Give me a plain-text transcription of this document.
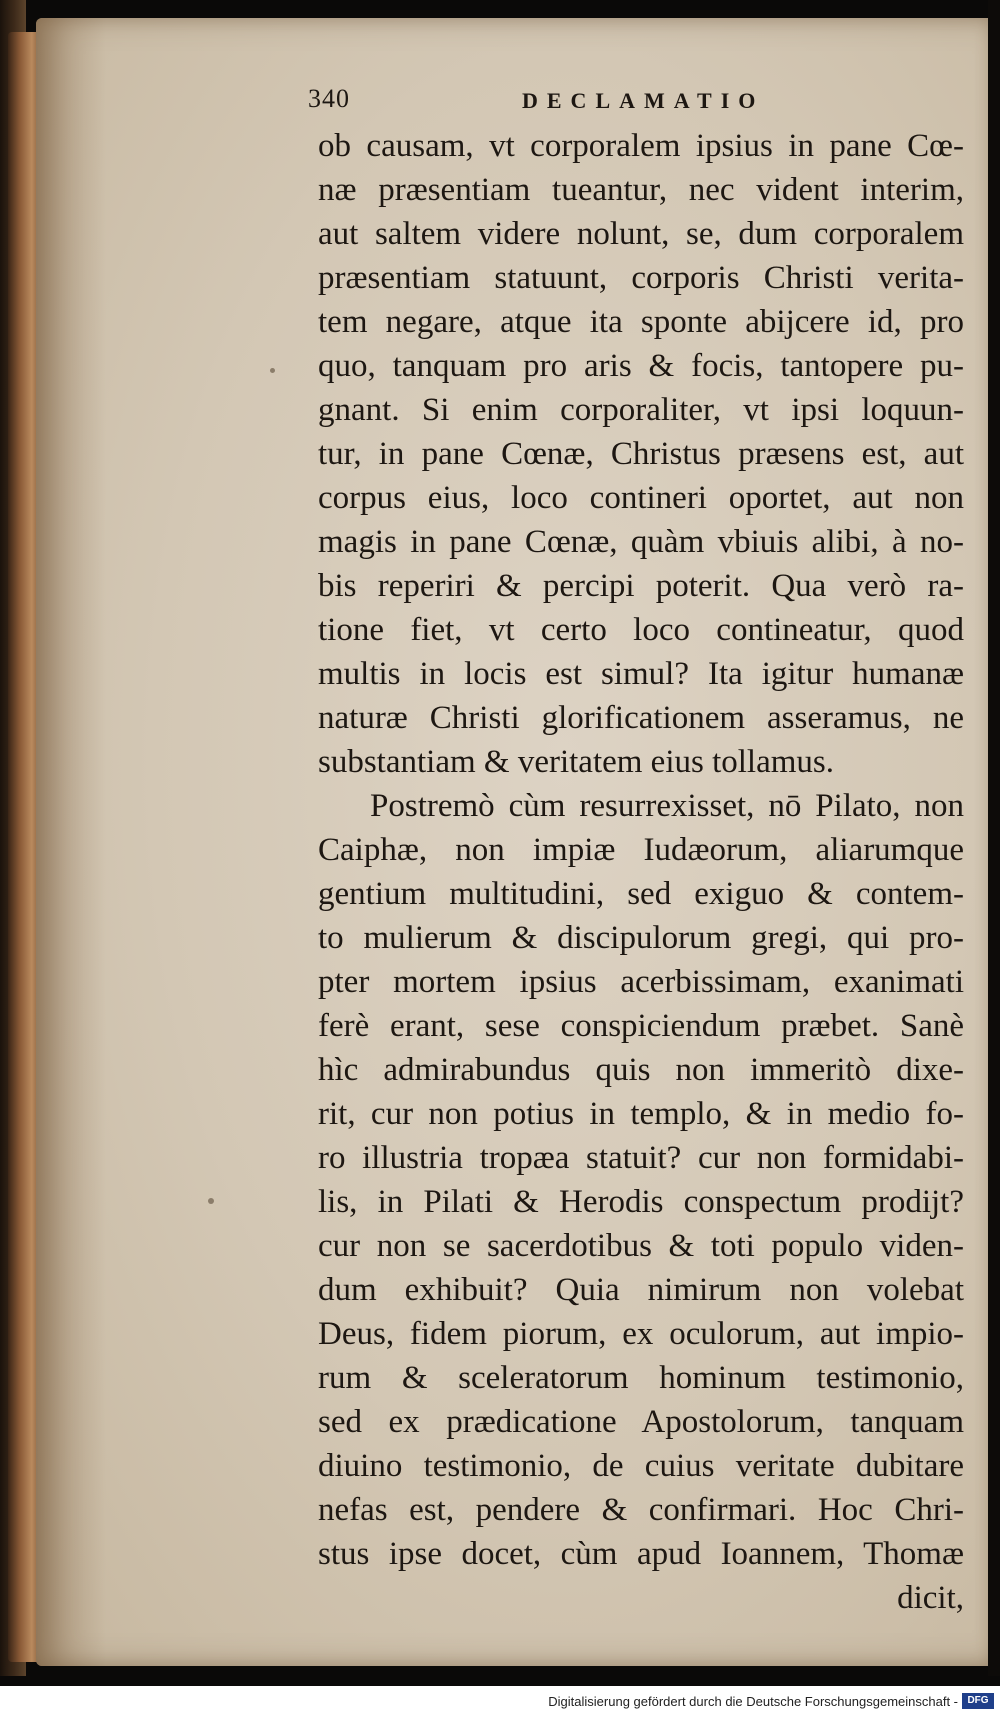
340	DECLAMATIO
ob causam, vt corporalem ipsius in pane Cœ-
næ præsentiam tueantur, nec vident interim,
aut saltem videre nolunt, se, dum corporalem
præsentiam statuunt, corporis Christi verita-
tem negare, atque ita sponte abijcere id, pro
quo, tanquam pro aris & focis, tantopere pu-
gnant. Si enim corporaliter, vt ipsi loquun-
tur, in pane Cœnæ, Christus præsens est, aut
corpus eius, loco contineri oportet, aut non
magis in pane Cœnæ, quàm vbiuis alibi, à no-
bis reperiri & percipi poterit. Qua verò ra-
tione fiet, vt certo loco contineatur, quod
multis in locis est simul? Ita igitur humanæ
naturæ Christi glorificationem asseramus, ne
substantiam & veritatem eius tollamus.
Postremò cùm resurrexisset, nō Pilato, non
Caiphæ, non impiæ Iudæorum, aliarumque
gentium multitudini, sed exiguo & contem-
to mulierum & discipulorum gregi, qui pro-
pter mortem ipsius acerbissimam, exanimati
ferè erant, sese conspiciendum præbet. Sanè
hìc admirabundus quis non immeritò dixe-
rit, cur non potius in templo, & in medio fo-
ro illustria tropæa statuit? cur non formidabi-
lis, in Pilati & Herodis conspectum prodijt?
cur non se sacerdotibus & toti populo viden-
dum exhibuit? Quia nimirum non volebat
Deus, fidem piorum, ex oculorum, aut impio-
rum & sceleratorum hominum testimonio,
sed ex prædicatione Apostolorum, tanquam
diuino testimonio, de cuius veritate dubitare
nefas est, pendere & confirmari. Hoc Chri-
stus ipse docet, cùm apud Ioannem, Thomæ
dicit,
Digitalisierung gefördert durch die Deutsche Forschungsgemeinschaft - DFG
